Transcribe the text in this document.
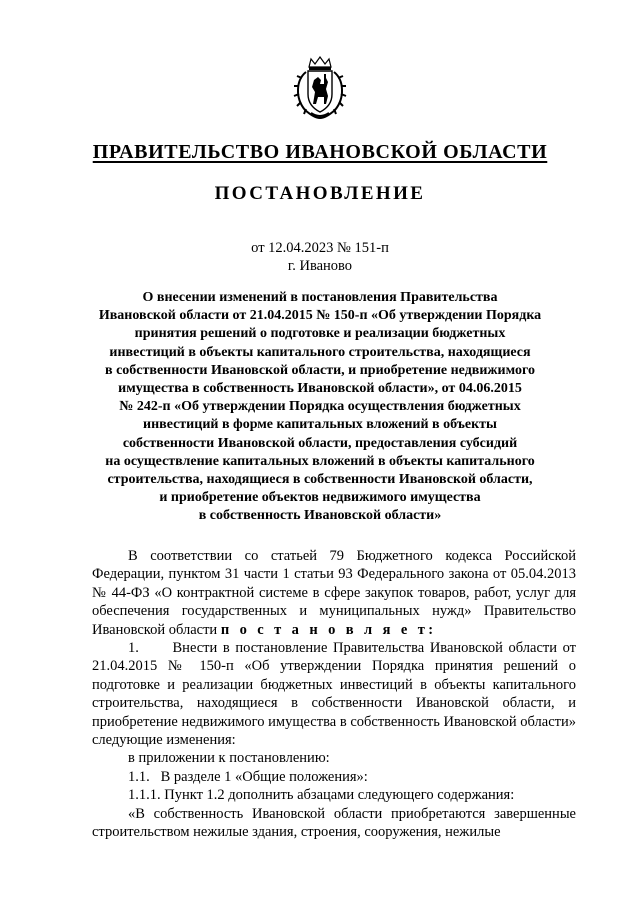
ПРАВИТЕЛЬСТВО ИВАНОВСКОЙ ОБЛАСТИ
ПОСТАНОВЛЕНИЕ
от 12.04.2023 № 151-п
г. Иваново
О внесении изменений в постановления Правительства
Ивановской области от 21.04.2015 № 150-п «Об утверждении Порядка
принятия решений о подготовке и реализации бюджетных
инвестиций в объекты капитального строительства, находящиеся
в собственности Ивановской области, и приобретение недвижимого
имущества в собственность Ивановской области», от 04.06.2015
№ 242-п «Об утверждении Порядка осуществления бюджетных
инвестиций в форме капитальных вложений в объекты
собственности Ивановской области, предоставления субсидий
на осуществление капитальных вложений в объекты капитального
строительства, находящиеся в собственности Ивановской области,
и приобретение объектов недвижимого имущества
в собственность Ивановской области»

В соответствии со статьей 79 Бюджетного кодекса Российской Федерации, пунктом 31 части 1 статьи 93 Федерального закона от 05.04.2013 № 44-ФЗ «О контрактной системе в сфере закупок товаров, работ, услуг для обеспечения государственных и муниципальных нужд» Правительство Ивановской области п о с т а н о в л я е т:

1.      Внести в постановление Правительства Ивановской области от 21.04.2015 № 150-п «Об утверждении Порядка принятия решений о подготовке и реализации бюджетных инвестиций в объекты капитального строительства, находящиеся в собственности Ивановской области, и приобретение недвижимого имущества в собственность Ивановской области» следующие изменения:

в приложении к постановлению:

1.1.   В разделе 1 «Общие положения»:

1.1.1. Пункт 1.2 дополнить абзацами следующего содержания:

«В собственность Ивановской области приобретаются завершенные строительством нежилые здания, строения, сооружения, нежилые
